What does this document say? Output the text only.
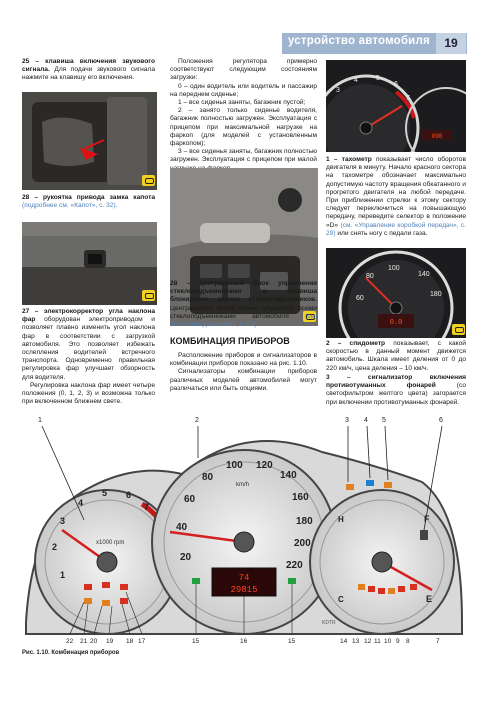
устройство автомобиля	19
25 – клавиша включения звукового сигнала. Для подачи звукового сигнала нажмите на клавишу его включения.
28 – рукоятка привода замка капота (подробнее см. «Капот», с. 32).
27 – электрокорректор угла наклона фар оборудован электроприводом и позволяет плавно изменить угол наклона фар в соответствии с загрузкой автомобиля. Это позволяет избежать ослепления водителей встречного транспорта. Одновременно правильная регулировка фар улучшает обзорность для водителя.
Регулировка наклона фар имеет четыре положения (0, 1, 2, 3) и возможна только при включенном ближнем свете.
Положения регулятора примерно соответствуют следующим состояниям загрузки:
0 – один водитель или водитель и пассажир на переднем сиденье;
1 – все сиденья заняты, багажник пустой;
2 – занято только сиденье водителя, багажник полностью загружен. Эксплуатация с прицепом при максимальной нагрузке на фаркоп (для моделей с установленным фаркопом);
3 – все сиденья заняты, багажник полностью загружен. Эксплуатация с прицепом при малой
28 – центральный блок управления стеклоподъемниками и клавиша блокировки задних стеклоподъемников. Центрального блока можно управлять всеми стеклоподъемниками автомобиля (см. «Стеклоподъемники», с. 25).
КОМБИНАЦИЯ ПРИБОРОВ
Расположение приборов и сигнализаторов в комбинации приборов показано на рис. 1.10.
Сигнализаторы комбинации приборов различных моделей автомобилей могут различаться или быть опциями.
098
3
4	5
6
7
1 – тахометр показывает число оборотов двигателя в минуту. Начало красного сектора на тахометре обозначает максимально допустимую частоту вращения обкатанного и прогретого двигателя на любой передаче. При приближении стрелки к этому сектору следует переключиться на повышающую передачу, переведите селектор в положение «D» (см. «Управление коробкой передач», с. 29) или снять ногу с педали газа.
0.0
60
80
100
140
180
2 – спидометр показывает, с какой скоростью в данный момент движется автомобиль. Шкала имеет деления от 0 до 220 км/ч, цена деления – 10 км/ч.
3 – сигнализатор включения противотуманных фонарей	(со светофильтром желтого цвета) загорается при включении противотуманных фонарей.
1
2
3
4
5 6
7
x1000 rpm
20
40
60
80
100 120
140
160
180
200
220
km/h
74
29815
KDTR
F
E
H
C
1	2	3 4 5	6
22 21 20 19 18 17	15	16	15	14 13 12 11 10 9 8	7
Рис. 1.10. Комбинация приборов
